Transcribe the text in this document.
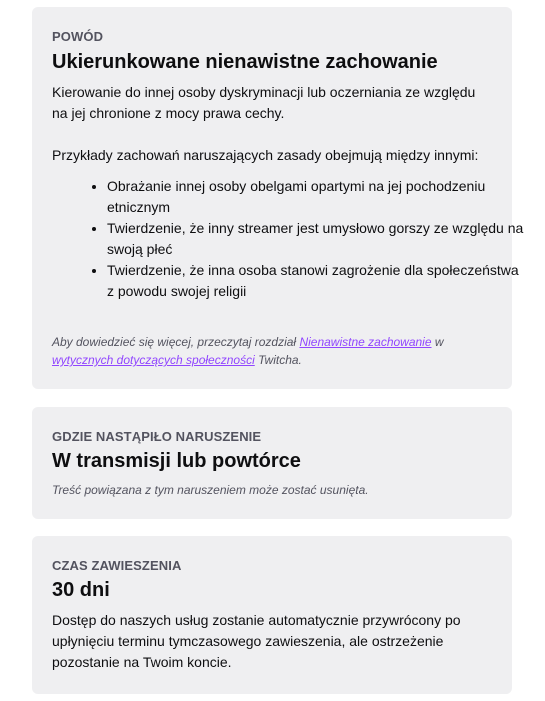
POWÓD
Ukierunkowane nienawistne zachowanie
Kierowanie do innej osoby dyskryminacji lub oczerniania ze względu na jej chronione z mocy prawa cechy.
Przykłady zachowań naruszających zasady obejmują między innymi:
• Obrażanie innej osoby obelgami opartymi na jej pochodzeniu etnicznym
• Twierdzenie, że inny streamer jest umysłowo gorszy ze względu na swoją płeć
• Twierdzenie, że inna osoba stanowi zagrożenie dla społeczeństwa z powodu swojej religii
Aby dowiedzieć się więcej, przeczytaj rozdział Nienawistne zachowanie w wytycznych dotyczących społeczności Twitcha.
GDZIE NASTĄPIŁO NARUSZENIE
W transmisji lub powtórce
Treść powiązana z tym naruszeniem może zostać usunięta.
CZAS ZAWIESZENIA
30 dni
Dostęp do naszych usług zostanie automatycznie przywrócony po upłynięciu terminu tymczasowego zawieszenia, ale ostrzeżenie pozostanie na Twoim koncie.
